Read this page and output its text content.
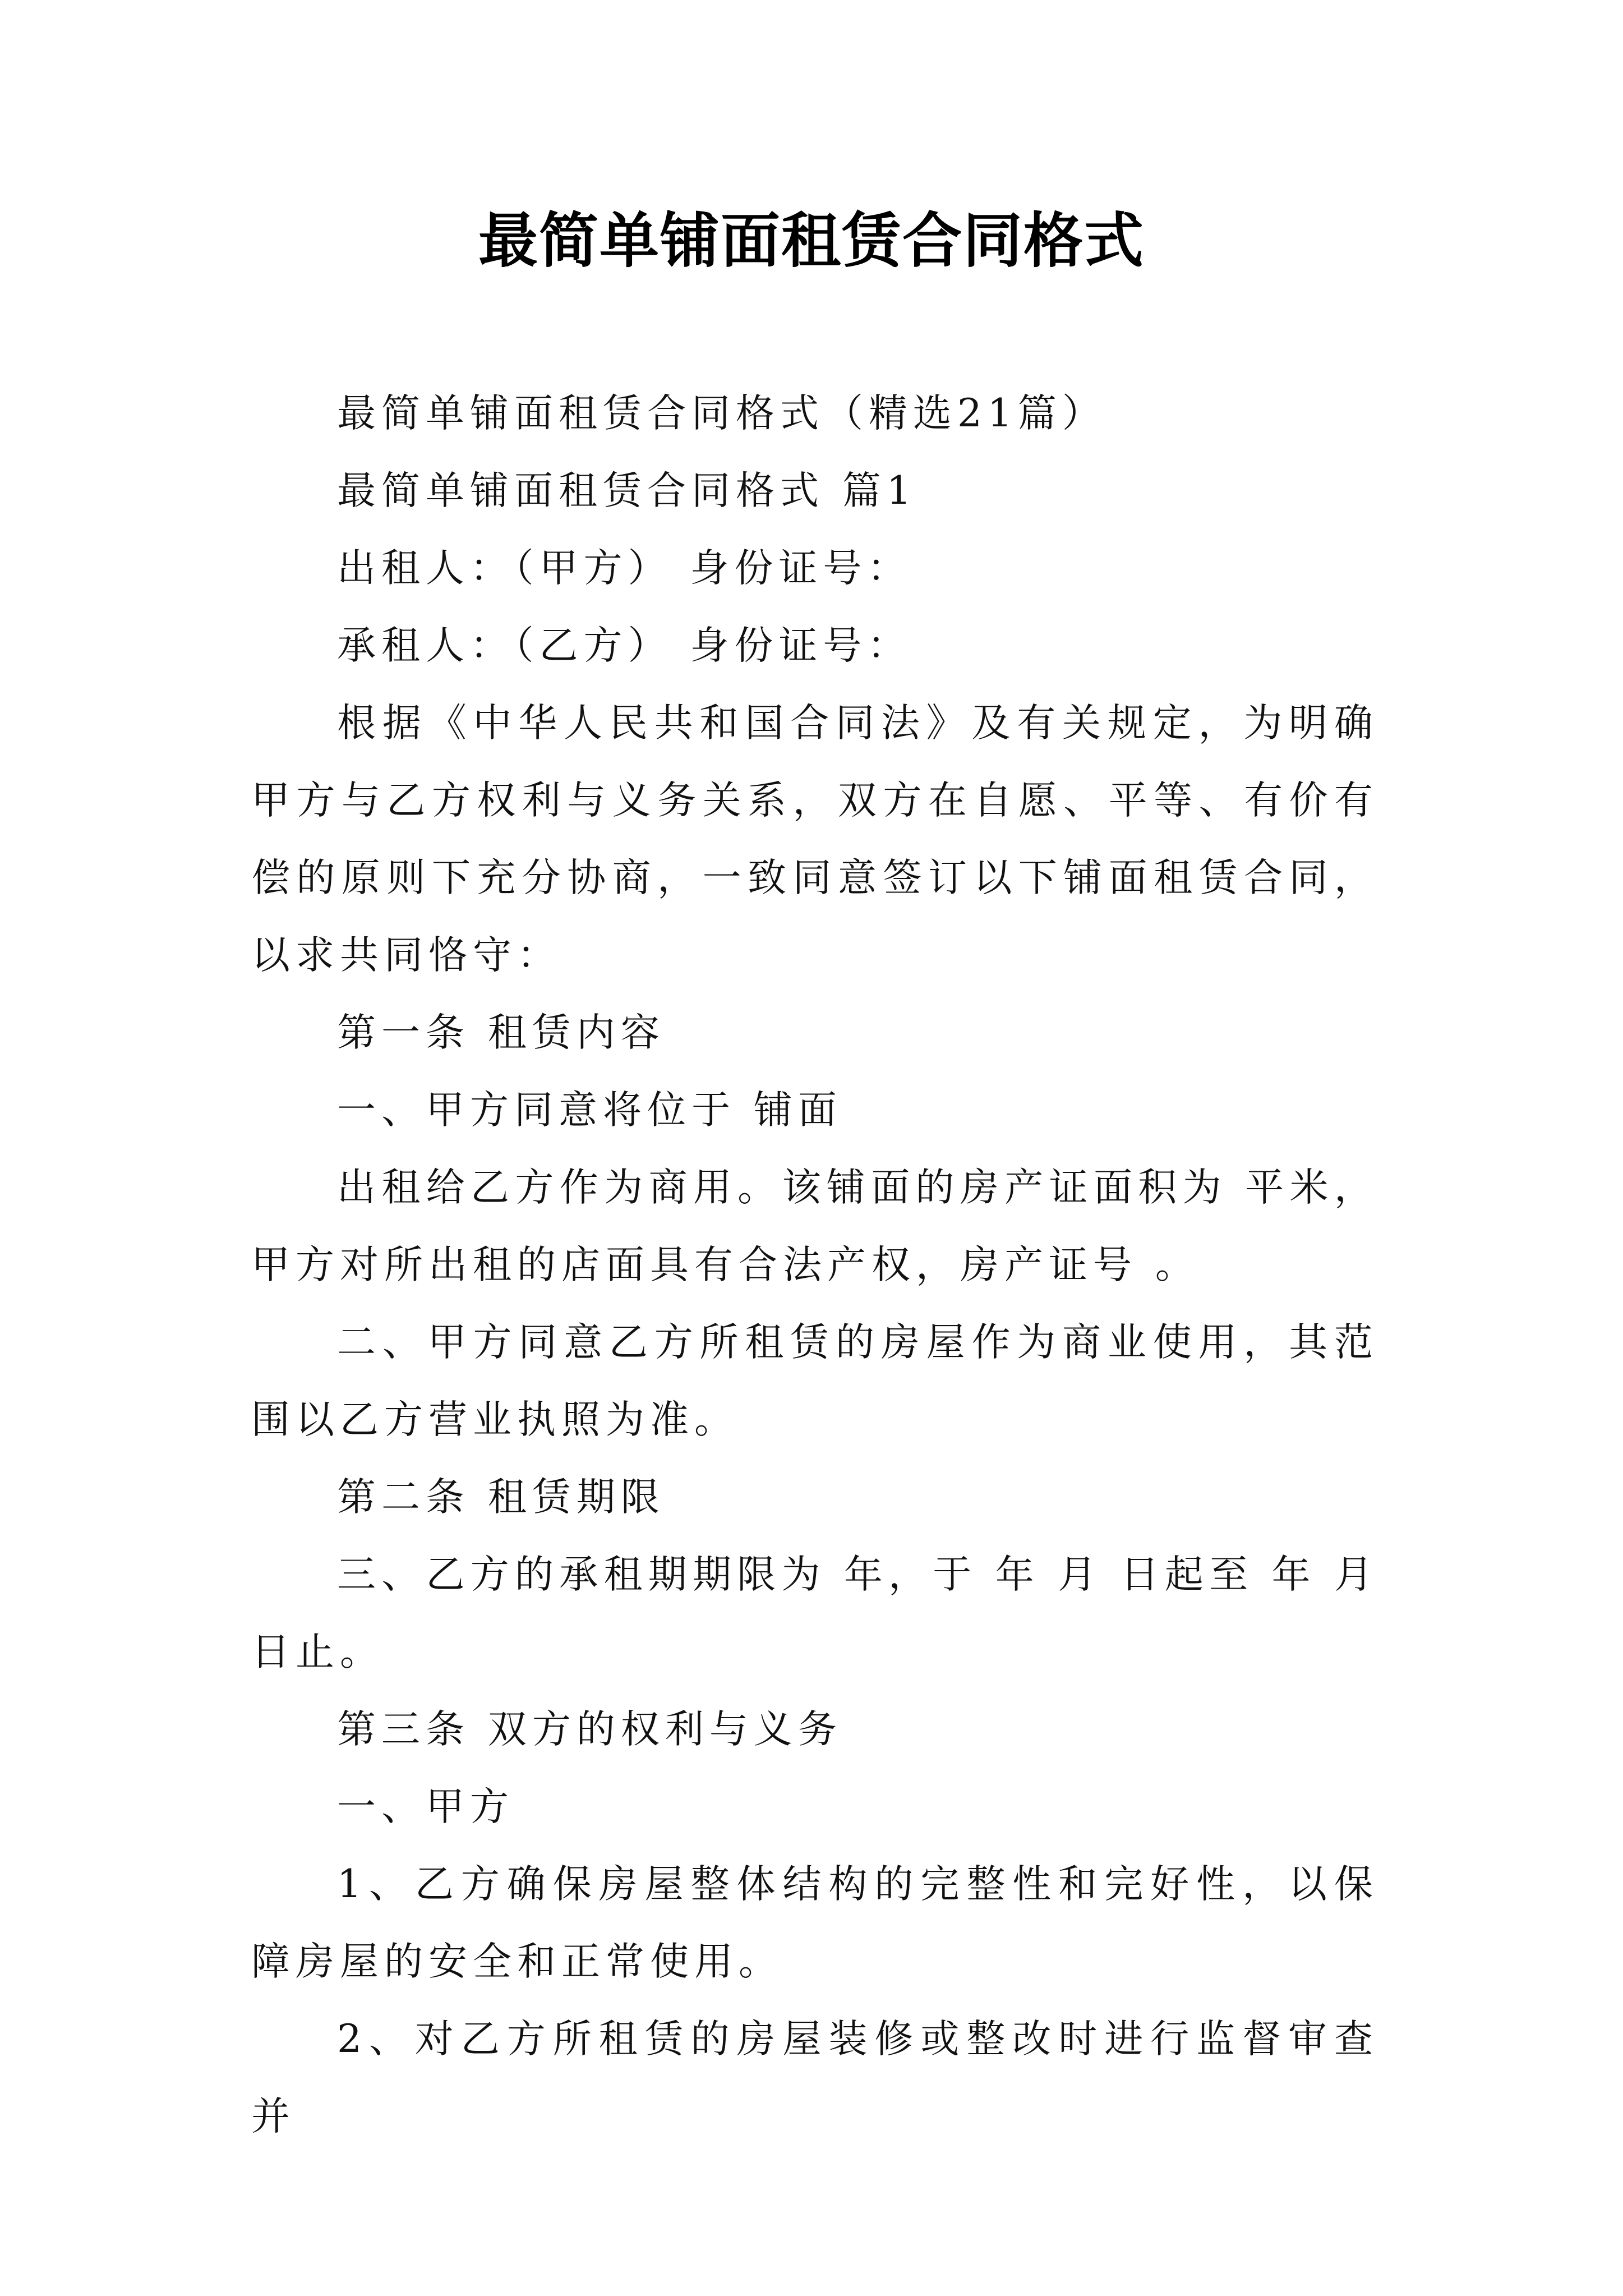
最简单铺面租赁合同格式

最简单铺面租赁合同格式（精选21篇）

最简单铺面租赁合同格式 篇1

出租人：（甲方） 身份证号：

承租人：（乙方） 身份证号：

根据《中华人民共和国合同法》及有关规定，为明确甲方与乙方权利与义务关系，双方在自愿、平等、有价有偿的原则下充分协商，一致同意签订以下铺面租赁合同，以求共同恪守：

第一条 租赁内容

一、甲方同意将位于 铺面

出租给乙方作为商用。该铺面的房产证面积为 平米，甲方对所出租的店面具有合法产权，房产证号 。

二、甲方同意乙方所租赁的房屋作为商业使用，其范围以乙方营业执照为准。

第二条 租赁期限

三、乙方的承租期期限为 年，于 年 月 日起至 年 月日止。

第三条 双方的权利与义务

一、甲方

1、乙方确保房屋整体结构的完整性和完好性，以保障房屋的安全和正常使用。

2、对乙方所租赁的房屋装修或整改时进行监督审查并
